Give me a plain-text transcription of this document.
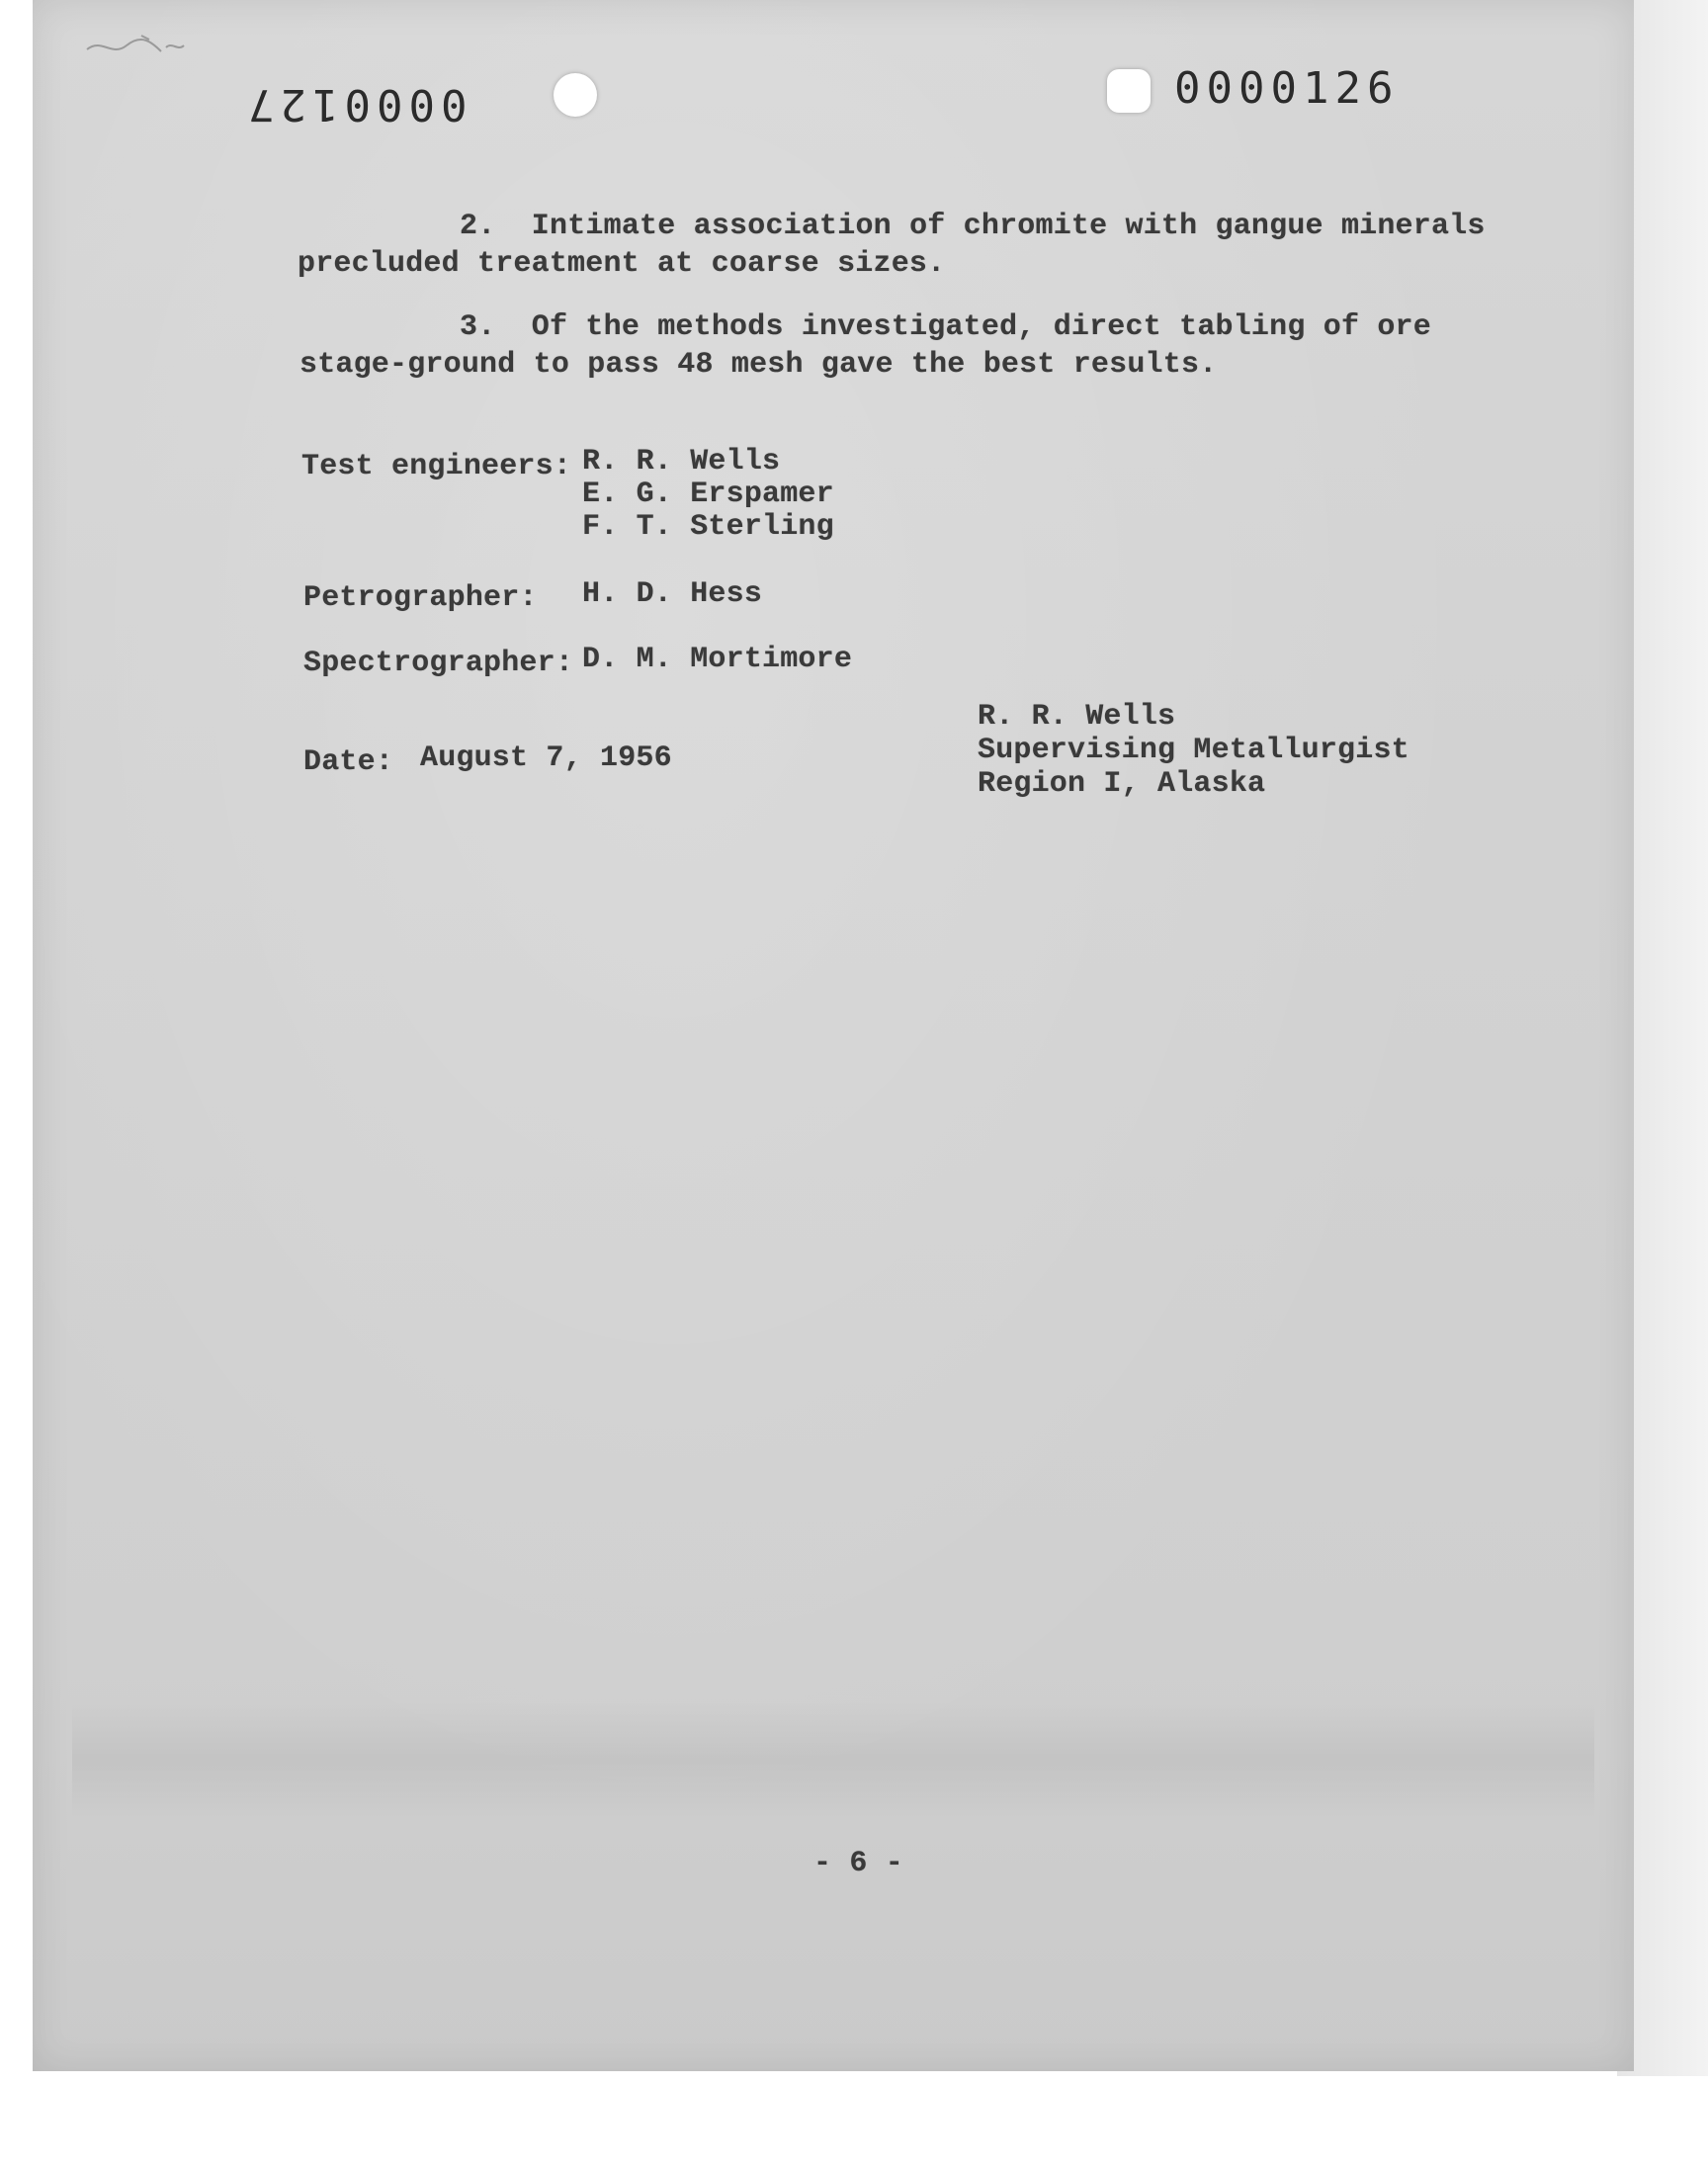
0000127	0000126
2.  Intimate association of chromite with gangue minerals
precluded treatment at coarse sizes.
3.  Of the methods investigated, direct tabling of ore
stage-ground to pass 48 mesh gave the best results.
Test engineers: R. R. Wells
E. G. Erspamer
F. T. Sterling
Petrographer: H. D. Hess
Spectrographer: D. M. Mortimore
Date: August 7, 1956
R. R. Wells
Supervising Metallurgist
Region I, Alaska
- 6 -
